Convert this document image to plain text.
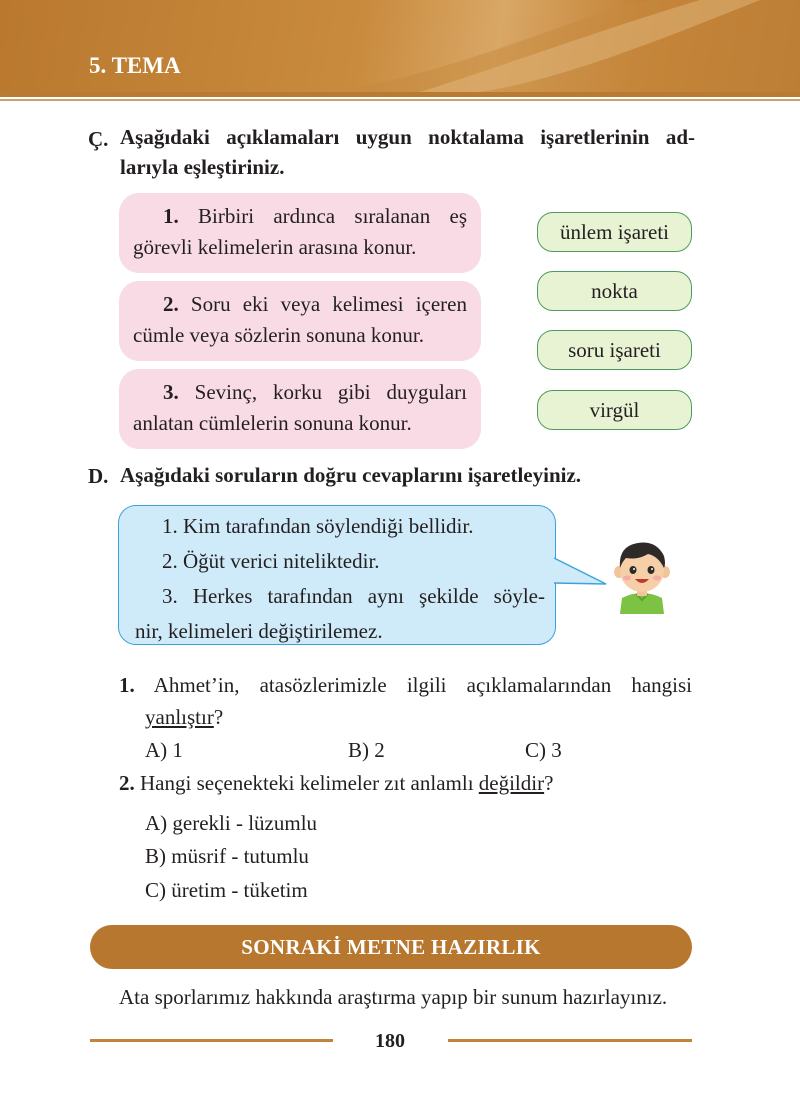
5. TEMA
Ç. Aşağıdaki açıklamaları uygun noktalama işaretlerinin ad-
larıyla eşleştiriniz.
1. Birbiri ardınca sıralanan eş
görevli kelimelerin arasına konur.
2. Soru eki veya kelimesi içeren
cümle veya sözlerin sonuna konur.
3. Sevinç, korku gibi duyguları
anlatan cümlelerin sonuna konur.
ünlem işareti
nokta
soru işareti
virgül
D. Aşağıdaki soruların doğru cevaplarını işaretleyiniz.
1. Kim tarafından söylendiği bellidir.
2. Öğüt verici niteliktedir.
3. Herkes tarafından aynı şekilde söyle-
nir, kelimeleri değiştirilemez.
1. Ahmet’in, atasözlerimizle ilgili açıklamalarından hangisi
yanlıştır?
A) 1	B) 2	C) 3
2. Hangi seçenekteki kelimeler zıt anlamlı değildir?
A) gerekli - lüzumlu
B) müsrif - tutumlu
C) üretim - tüketim
SONRAKİ METNE HAZIRLIK
Ata sporlarımız hakkında araştırma yapıp bir sunum hazırlayınız.
180
